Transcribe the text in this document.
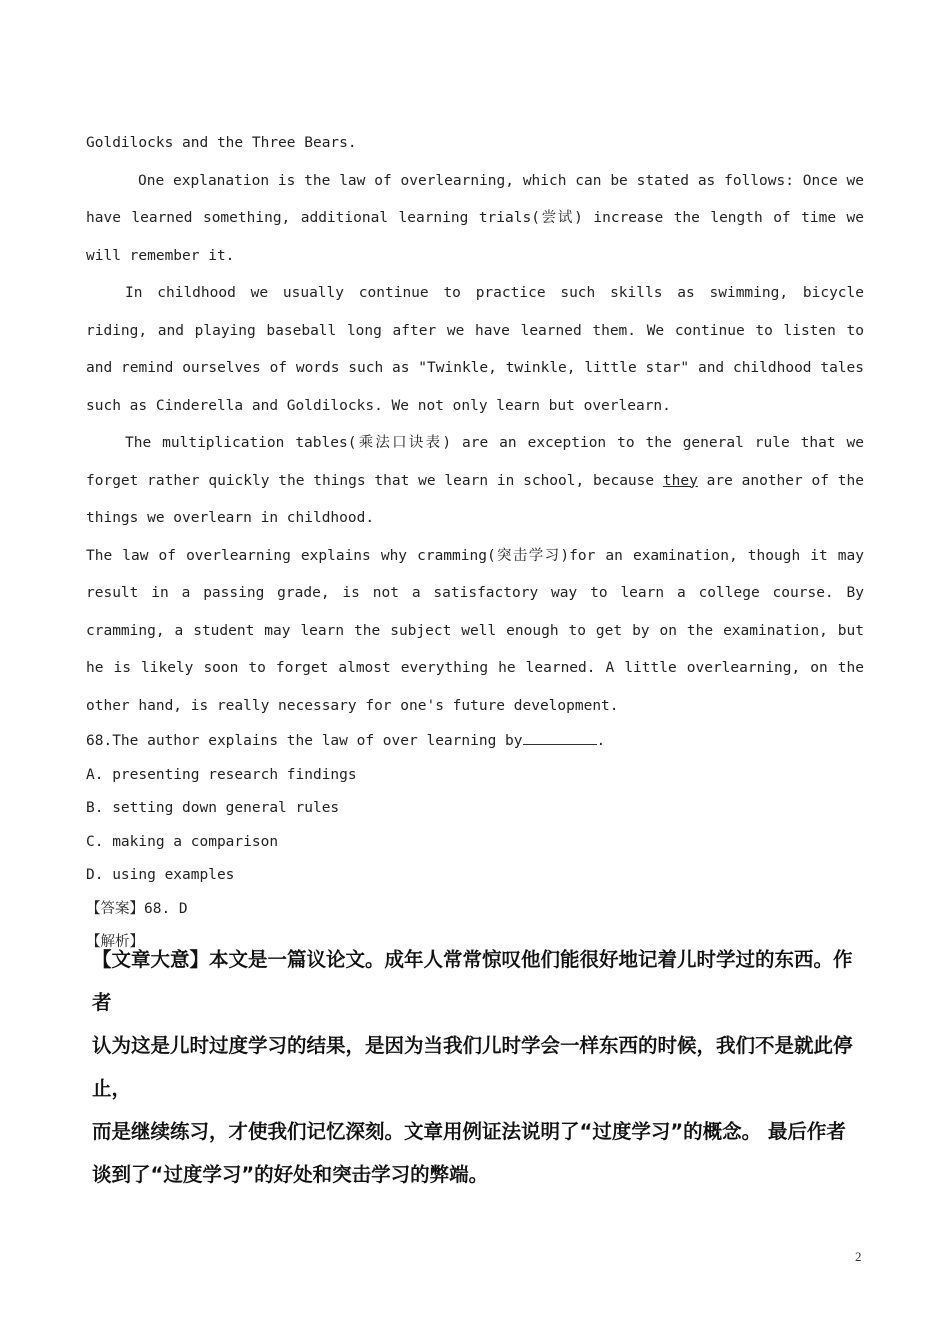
Goldilocks and the Three Bears.

One explanation is the law of overlearning, which can be stated as follows: Once we have learned something, additional learning trials(尝试) increase the length of time we will remember it.

In childhood we usually continue to practice such skills as swimming, bicycle riding, and playing baseball long after we have learned them. We continue to listen to and remind ourselves of words such as "Twinkle, twinkle, little star" and childhood tales such as Cinderella and Goldilocks. We not only learn but overlearn.

The multiplication tables(乘法口诀表) are an exception to the general rule that we forget rather quickly the things that we learn in school, because they are another of the things we overlearn in childhood.

The law of overlearning explains why cramming(突击学习)for an examination, though it may result in a passing grade, is not a satisfactory way to learn a college course. By cramming, a student may learn the subject well enough to get by on the examination, but he is likely soon to forget almost everything he learned. A little overlearning, on the other hand, is really necessary for one's future development.

68.The author explains the law of over learning by	.

A. presenting research findings

B. setting down general rules

C. making a comparison

D. using examples

【答案】68. D

【解析】

【文章大意】本文是一篇议论文。成年人常常惊叹他们能很好地记着儿时学过的东西。作者

认为这是儿时过度学习的结果，是因为当我们儿时学会一样东西的时候，我们不是就此停止，

而是继续练习，才使我们记忆深刻。文章用例证法说明了“过度学习”的概念。 最后作者

谈到了“过度学习”的好处和突击学习的弊端。

2
